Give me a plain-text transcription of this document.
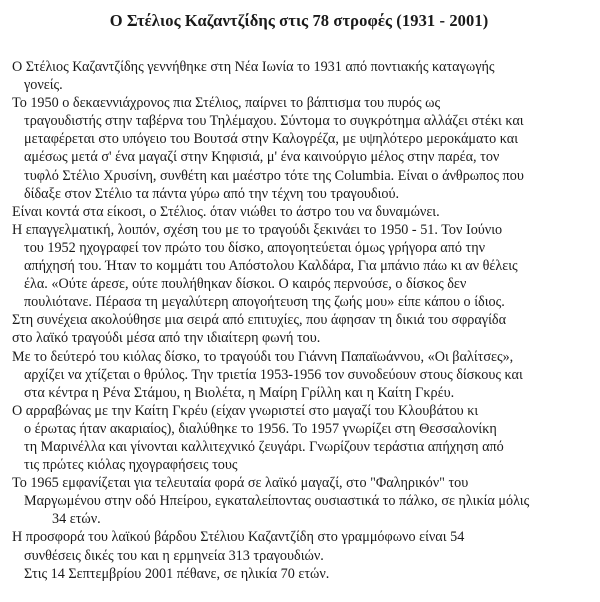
Ο Στέλιος Καζαντζίδης στις 78 στροφές (1931 - 2001)
Ο Στέλιος Καζαντζίδης γεννήθηκε στη Νέα Ιωνία το 1931 από ποντιακής καταγωγής
γονείς.
Το 1950 ο δεκαεννιάχρονος πια Στέλιος, παίρνει το βάπτισμα του πυρός ως
τραγουδιστής στην ταβέρνα του Τηλέμαχου. Σύντομα το συγκρότημα αλλάζει στέκι και
μεταφέρεται στο υπόγειο του Βουτσά στην Καλογρέζα, με υψηλότερο μεροκάματο και
αμέσως μετά σ' ένα μαγαζί στην Κηφισιά, μ' ένα καινούργιο μέλος στην παρέα, τον
τυφλό Στέλιο Χρυσίνη, συνθέτη και μαέστρο τότε της Columbia. Είναι ο άνθρωπος που
δίδαξε στον Στέλιο τα πάντα γύρω από την τέχνη του τραγουδιού.
Είναι κοντά στα είκοσι, ο Στέλιος. όταν νιώθει το άστρο του να δυναμώνει.
Η επαγγελματική, λοιπόν, σχέση του με το τραγούδι ξεκινάει το 1950 - 51. Τον Ιούνιο
του 1952 ηχογραφεί τον πρώτο του δίσκο, απογοητεύεται όμως γρήγορα από την
απήχησή του. Ήταν το κομμάτι του Απόστολου Καλδάρα, Για μπάνιο πάω κι αν θέλεις
έλα. «Ούτε άρεσε, ούτε πουλήθηκαν δίσκοι. Ο καιρός περνούσε, ο δίσκος δεν
πουλιότανε. Πέρασα τη μεγαλύτερη απογοήτευση της ζωής μου» είπε κάπου ο ίδιος.
Στη συνέχεια ακολούθησε μια σειρά από επιτυχίες, που άφησαν τη δικιά του σφραγίδα
στο λαϊκό τραγούδι μέσα από την ιδιαίτερη φωνή του.
Με το δεύτερό του κιόλας δίσκο, το τραγούδι του Γιάννη Παπαϊωάννου, «Οι βαλίτσες»,
αρχίζει να χτίζεται ο θρύλος. Την τριετία 1953-1956 τον συνοδεύουν στους δίσκους και
στα κέντρα η Ρένα Στάμου, η Βιολέτα, η Μαίρη Γρίλλη και η Καίτη Γκρέυ.
Ο αρραβώνας με την Καίτη Γκρέυ (είχαν γνωριστεί στο μαγαζί του Κλουβάτου κι
ο έρωτας ήταν ακαριαίος), διαλύθηκε το 1956. Το 1957 γνωρίζει στη Θεσσαλονίκη
τη Μαρινέλλα και γίνονται καλλιτεχνικό ζευγάρι. Γνωρίζουν τεράστια απήχηση από
τις πρώτες κιόλας ηχογραφήσεις τους
Το 1965 εμφανίζεται για τελευταία φορά σε λαϊκό μαγαζί, στο "Φαληρικόν" του
Μαργωμένου στην οδό Ηπείρου, εγκαταλείποντας ουσιαστικά το πάλκο, σε ηλικία μόλις
34 ετών.
Η προσφορά του λαϊκού βάρδου Στέλιου Καζαντζίδη στο γραμμόφωνο είναι 54
συνθέσεις δικές του και η ερμηνεία 313 τραγουδιών.
Στις 14 Σεπτεμβρίου 2001 πέθανε, σε ηλικία 70 ετών.
